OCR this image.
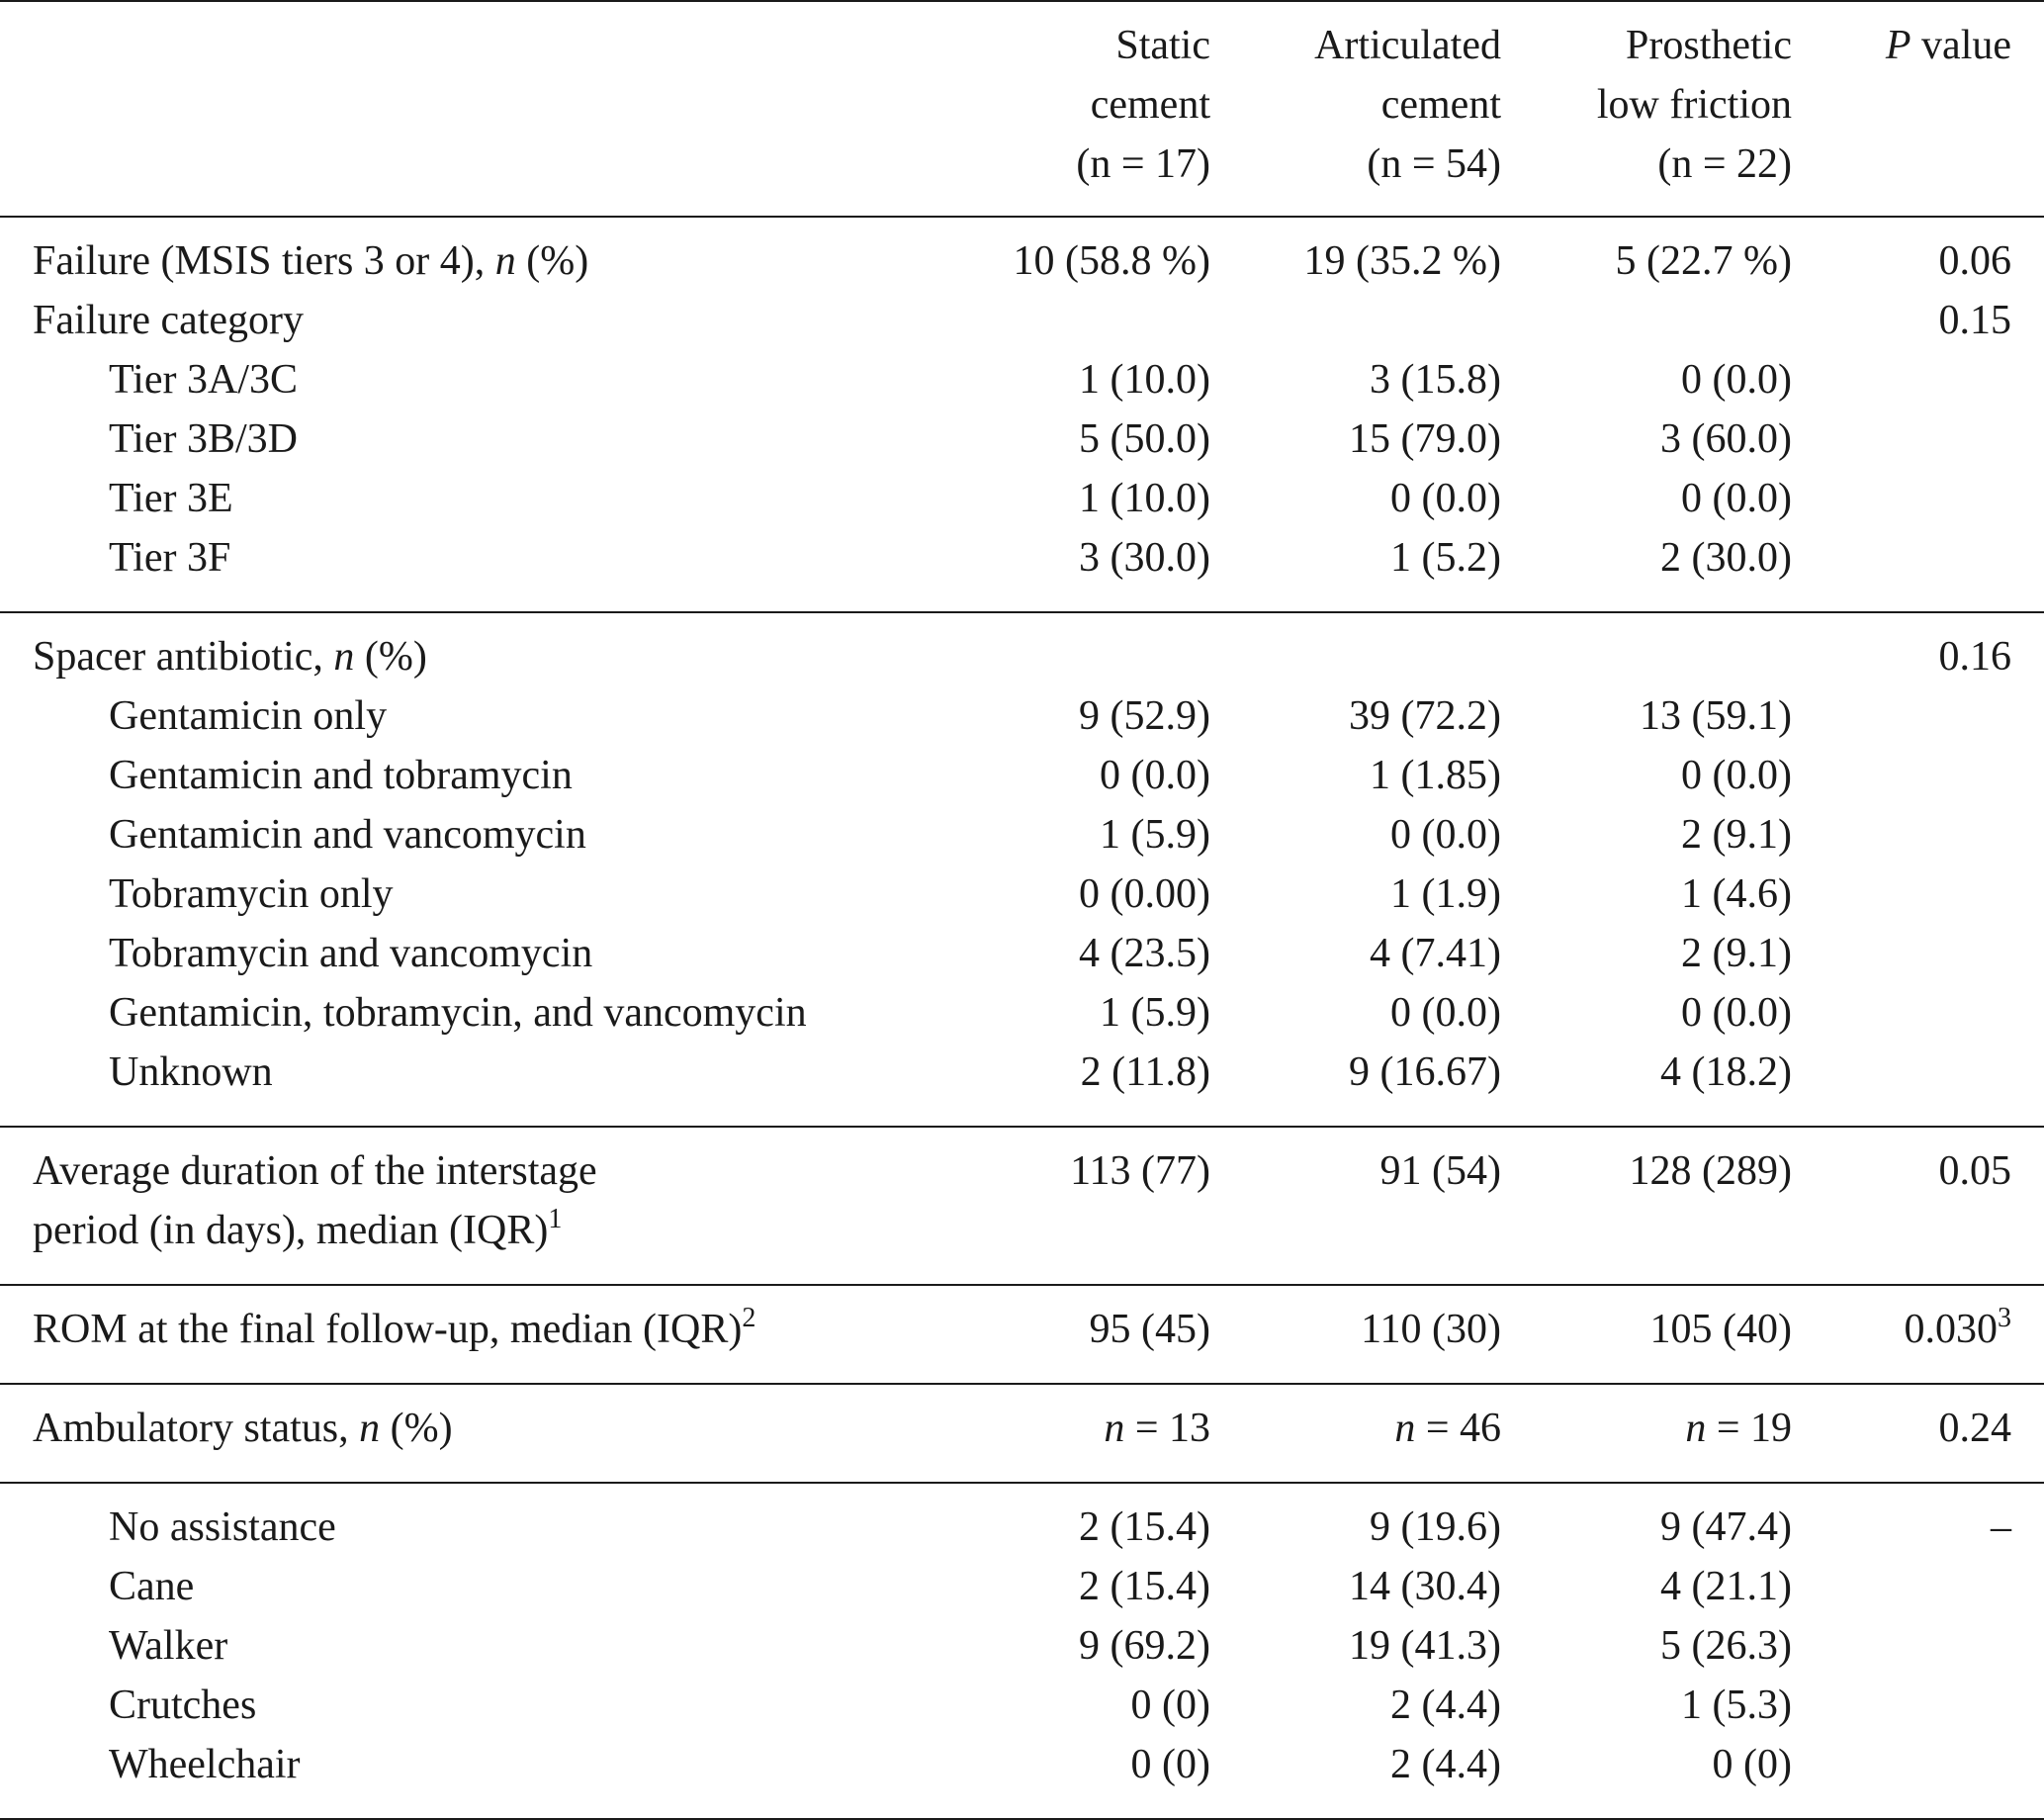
	Static	Articulated	Prosthetic	P value
	cement	cement	low friction	
	(n = 17)	(n = 54)	(n = 22)	
Failure (MSIS tiers 3 or 4), n (%)	10 (58.8 %)	19 (35.2 %)	5 (22.7 %)	0.06
Failure category				0.15
Tier 3A/3C	1 (10.0)	3 (15.8)	0 (0.0)	
Tier 3B/3D	5 (50.0)	15 (79.0)	3 (60.0)	
Tier 3E	1 (10.0)	0 (0.0)	0 (0.0)	
Tier 3F	3 (30.0)	1 (5.2)	2 (30.0)	
Spacer antibiotic, n (%)				0.16
Gentamicin only	9 (52.9)	39 (72.2)	13 (59.1)	
Gentamicin and tobramycin	0 (0.0)	1 (1.85)	0 (0.0)	
Gentamicin and vancomycin	1 (5.9)	0 (0.0)	2 (9.1)	
Tobramycin only	0 (0.00)	1 (1.9)	1 (4.6)	
Tobramycin and vancomycin	4 (23.5)	4 (7.41)	2 (9.1)	
Gentamicin, tobramycin, and vancomycin	1 (5.9)	0 (0.0)	0 (0.0)	
Unknown	2 (11.8)	9 (16.67)	4 (18.2)	
Average duration of the interstage	113 (77)	91 (54)	128 (289)	0.05
period (in days), median (IQR)$^1$				
ROM at the final follow-up, median (IQR)$^2$	95 (45)	110 (30)	105 (40)	0.030$^3$
Ambulatory status, n (%)	n = 13	n = 46	n = 19	0.24
No assistance	2 (15.4)	9 (19.6)	9 (47.4)	–
Cane	2 (15.4)	14 (30.4)	4 (21.1)	
Walker	9 (69.2)	19 (41.3)	5 (26.3)	
Crutches	0 (0)	2 (4.4)	1 (5.3)	
Wheelchair	0 (0)	2 (4.4)	0 (0)	
